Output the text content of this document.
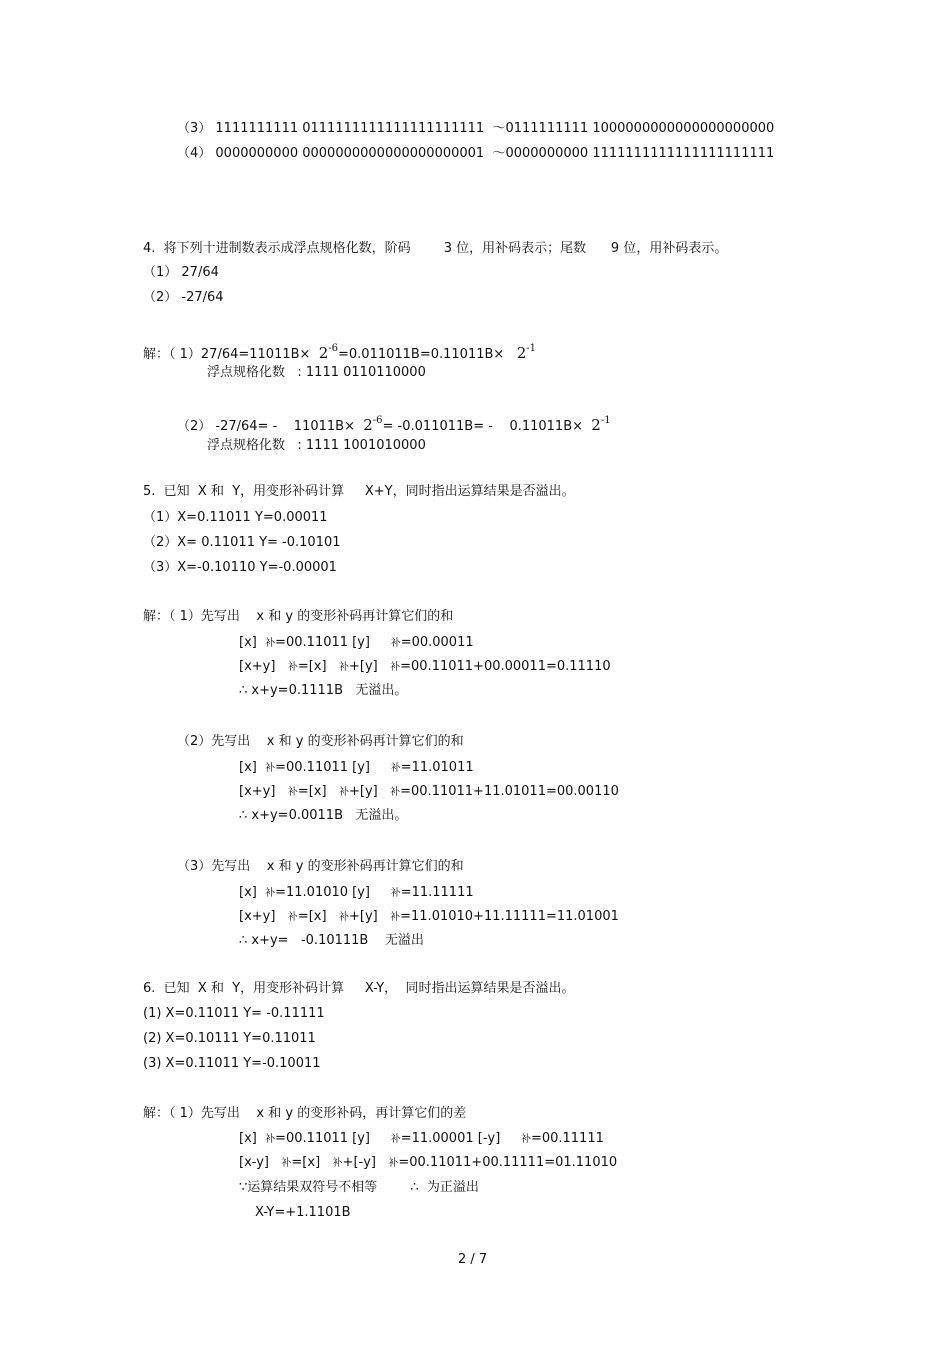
（3） 1111111111 0111111111111111111111  ～0111111111 1000000000000000000000
（4） 0000000000 0000000000000000000001  ～0000000000 1111111111111111111111
4.  将下列十进制数表示成浮点规格化数，阶码        3 位，用补码表示；尾数      9 位，用补码表示。
（1） 27/64
（2） -27/64
解：（ $1)27/64=11011B\times 2^{-6}=0.011011B=0.11011B\times 2^{-1}$
浮点规格化数   : 1111 0110110000
（2） -27/64= -    $11011B\times 2^{-6}= -0.011011B=$ -    $0.11011B\times 2^{-1}$
浮点规格化数   : 1111 1001010000
5.  已知  X 和  Y，用变形补码计算     X+Y，同时指出运算结果是否溢出。
（1）X=0.11011 Y=0.00011
（2）X= 0.11011 Y= -0.10101
（3）X=-0.10110 Y=-0.00001
解：（ 1）先写出    x 和 y 的变形补码再计算它们的和
[x] 补=00.11011 [y] 补=00.00011
[x+y] 补=[x] 补+[y] 补=00.11011+00.00011=0.11110
∴ x+y=0.1111B   无溢出。
（2）先写出    x 和 y 的变形补码再计算它们的和
[x] 补=00.11011 [y] 补=11.01011
[x+y] 补=[x] 补+[y] 补=00.11011+11.01011=00.00110
∴ x+y=0.0011B   无溢出。
（3）先写出    x 和 y 的变形补码再计算它们的和
[x] 补=11.01010 [y] 补=11.11111
[x+y] 补=[x] 补+[y] 补=11.01010+11.11111=11.01001
∴ x+y=   -0.10111B    无溢出
6.  已知  X 和  Y，用变形补码计算     X-Y，  同时指出运算结果是否溢出。
(1) X=0.11011 Y= -0.11111
(2) X=0.10111 Y=0.11011
(3) X=0.11011 Y=-0.10011
解：（ 1）先写出    x 和 y 的变形补码，再计算它们的差
[x] 补=00.11011 [y] 补=11.00001 [-y] 补=00.11111
[x-y] 补=[x] 补+[-y] 补=00.11011+00.11111=01.11010
∵运算结果双符号不相等        ∴  为正溢出
X-Y=+1.1101B
2 / 7
